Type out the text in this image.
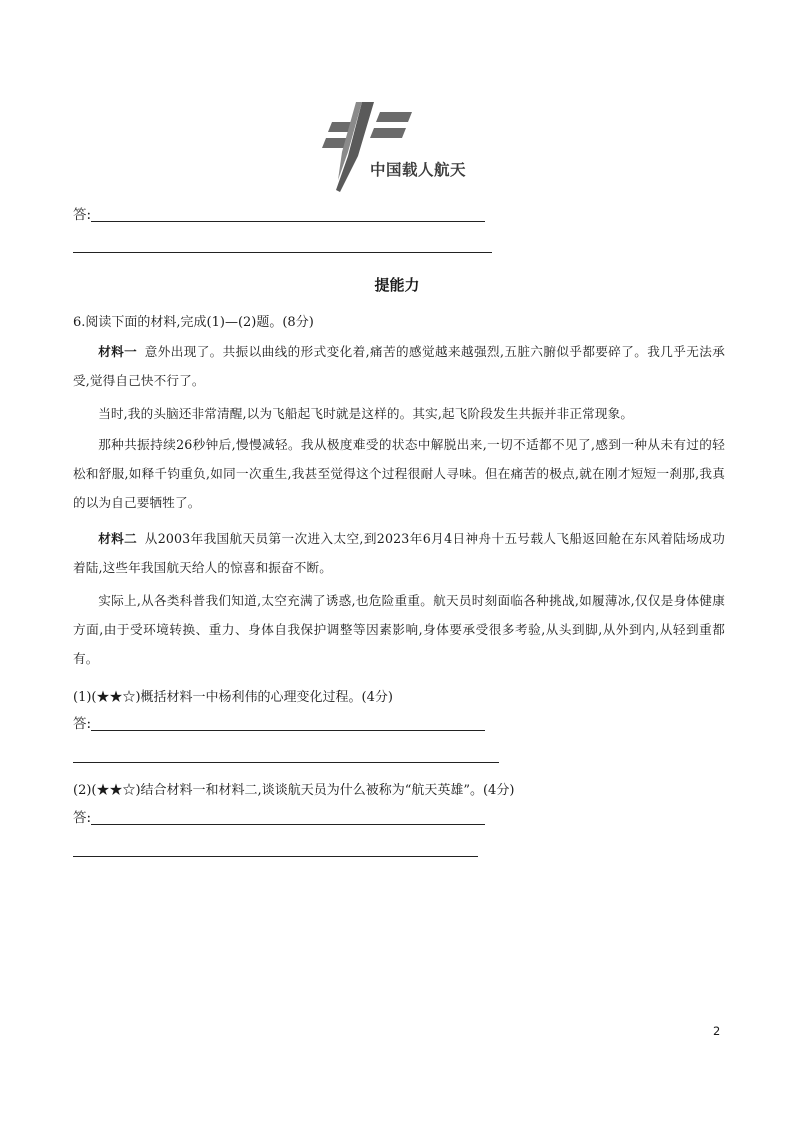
中国载人航天
答:
提能力
6.阅读下面的材料,完成(1)—(2)题。(8分)
材料一 意外出现了。共振以曲线的形式变化着,痛苦的感觉越来越强烈,五脏六腑似乎都要碎了。我几乎无法承受,觉得自己快不行了。
当时,我的头脑还非常清醒,以为飞船起飞时就是这样的。其实,起飞阶段发生共振并非正常现象。
那种共振持续26秒钟后,慢慢减轻。我从极度难受的状态中解脱出来,一切不适都不见了,感到一种从未有过的轻松和舒服,如释千钧重负,如同一次重生,我甚至觉得这个过程很耐人寻味。但在痛苦的极点,就在刚才短短一刹那,我真的以为自己要牺牲了。
材料二 从2003年我国航天员第一次进入太空,到2023年6月4日神舟十五号载人飞船返回舱在东风着陆场成功着陆,这些年我国航天给人的惊喜和振奋不断。
实际上,从各类科普我们知道,太空充满了诱惑,也危险重重。航天员时刻面临各种挑战,如履薄冰,仅仅是身体健康方面,由于受环境转换、重力、身体自我保护调整等因素影响,身体要承受很多考验,从头到脚,从外到内,从轻到重都有。
(1)(★★☆)概括材料一中杨利伟的心理变化过程。(4分)
答:
(2)(★★☆)结合材料一和材料二,谈谈航天员为什么被称为“航天英雄”。(4分)
答:
2
